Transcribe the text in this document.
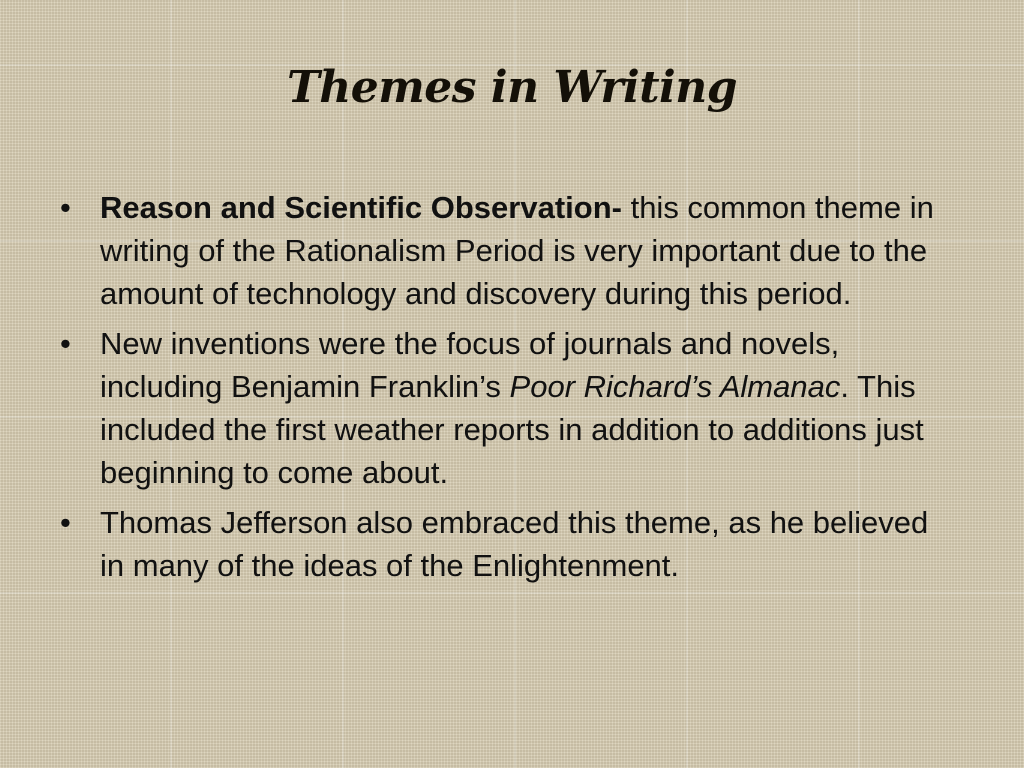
Themes in Writing
• Reason and Scientific Observation- this common theme in writing of the Rationalism Period is very important due to the amount of technology and discovery during this period.
• New inventions were the focus of journals and novels, including Benjamin Franklin’s Poor Richard’s Almanac. This included the first weather reports in addition to additions just beginning to come about.
• Thomas Jefferson also embraced this theme, as he believed in many of the ideas of the Enlightenment.
